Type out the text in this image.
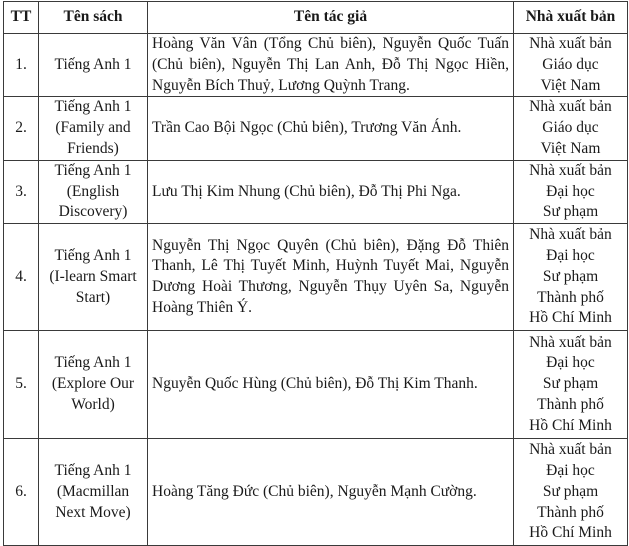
TT	Tên sách	Tên tác giả	Nhà xuất bản
1.	Tiếng Anh 1	Hoàng Văn Vân (Tổng Chủ biên), Nguyễn Quốc Tuấn (Chủ biên), Nguyễn Thị Lan Anh, Đỗ Thị Ngọc Hiền, Nguyễn Bích Thuỷ, Lương Quỳnh Trang.	Nhà xuất bản
Giáo dục
Việt Nam

2.	Tiếng Anh 1
(Family and
Friends)	Trần Cao Bội Ngọc (Chủ biên), Trương Văn Ánh.	Nhà xuất bản
Giáo dục
Việt Nam

3.	Tiếng Anh 1
(English
Discovery)	Lưu Thị Kim Nhung (Chủ biên), Đỗ Thị Phi Nga.	Nhà xuất bản
Đại học
Sư phạm

4.	Tiếng Anh 1
(I-learn Smart
Start)	Nguyễn Thị Ngọc Quyên (Chủ biên), Đặng Đỗ Thiên Thanh, Lê Thị Tuyết Minh, Huỳnh Tuyết Mai, Nguyễn Dương Hoài Thương, Nguyễn Thụy Uyên Sa, Nguyễn Hoàng Thiên Ý.	Nhà xuất bản
Đại học
Sư phạm
Thành phố
Hồ Chí Minh

5.	Tiếng Anh 1
(Explore Our
World)	Nguyễn Quốc Hùng (Chủ biên), Đỗ Thị Kim Thanh.	Nhà xuất bản
Đại học
Sư phạm
Thành phố
Hồ Chí Minh

6.	Tiếng Anh 1
(Macmillan
Next Move)	Hoàng Tăng Đức (Chủ biên), Nguyễn Mạnh Cường.	Nhà xuất bản
Đại học
Sư phạm
Thành phố
Hồ Chí Minh
